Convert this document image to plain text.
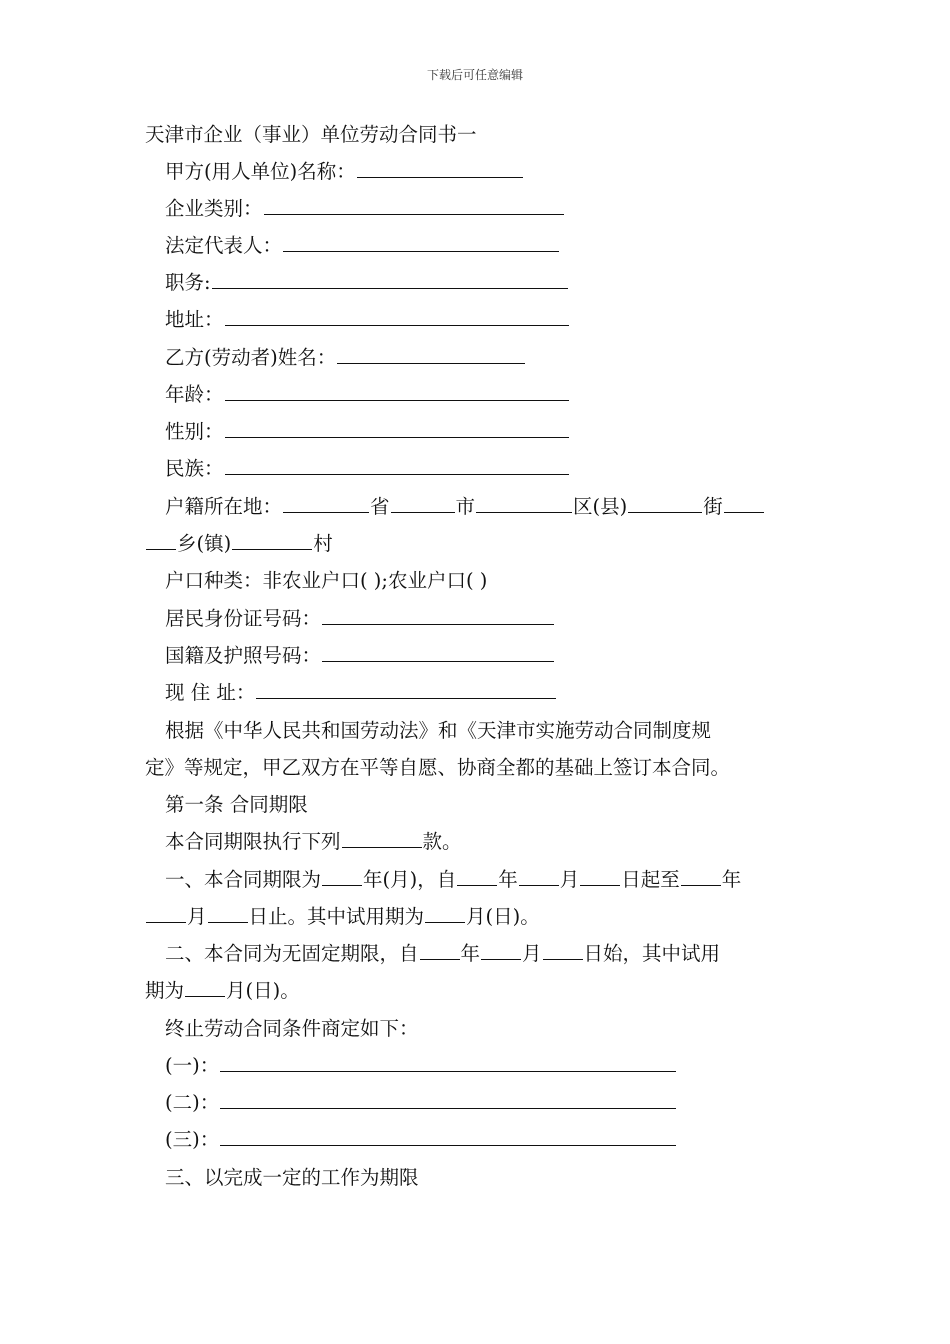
下载后可任意编辑
天津市企业（事业）单位劳动合同书一
甲方(用人单位)名称：
企业类别：
法定代表人：
职务:
地址：
乙方(劳动者)姓名：
年龄：
性别：
民族：
户籍所在地：	省	市	区(县)	街
乡(镇)	村
户口种类：非农业户口( );农业户口( )
居民身份证号码：
国籍及护照号码：
现 住 址：
根据《中华人民共和国劳动法》和《天津市实施劳动合同制度规
定》等规定，甲乙双方在平等自愿、协商全都的基础上签订本合同。
第一条 合同期限
本合同期限执行下列	款。
一、本合同期限为 年(月)，自 年 月 日起至 年
月 日止。其中试用期为 月(日)。
二、本合同为无固定期限，自 年 月 日始，其中试用
期为 月(日)。
终止劳动合同条件商定如下：
(一)：
(二)：
(三)：
三、以完成一定的工作为期限
